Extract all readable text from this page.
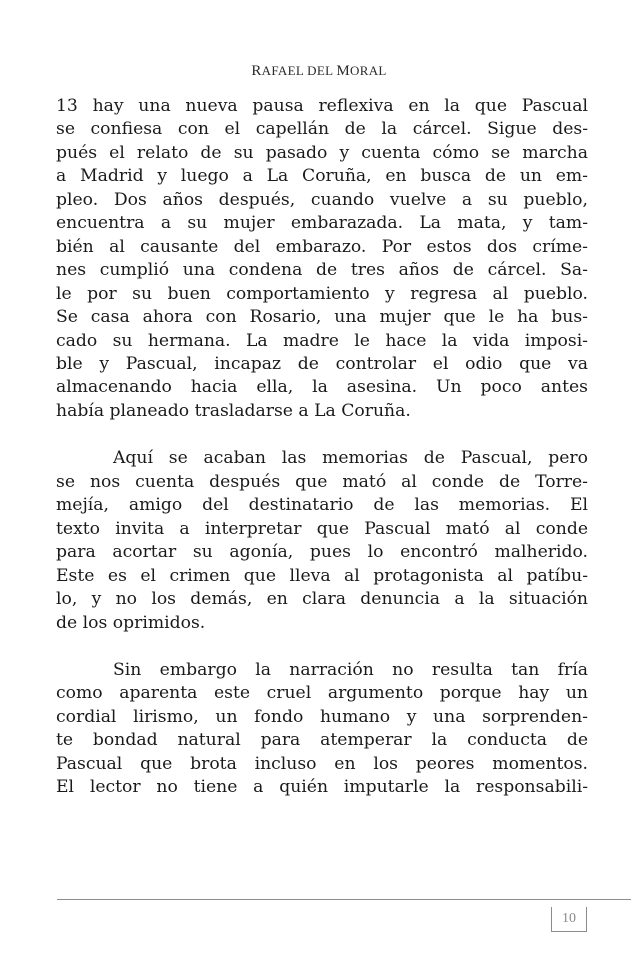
RAFAEL DEL MORAL

13 hay una nueva pausa reflexiva en la que Pascual
se confiesa con el capellán de la cárcel. Sigue des-
pués el relato de su pasado y cuenta cómo se marcha
a Madrid y luego a La Coruña, en busca de un em-
pleo. Dos años después, cuando vuelve a su pueblo,
encuentra a su mujer embarazada. La mata, y tam-
bién al causante del embarazo. Por estos dos críme-
nes cumplió una condena de tres años de cárcel. Sa-
le por su buen comportamiento y regresa al pueblo.
Se casa ahora con Rosario, una mujer que le ha bus-
cado su hermana. La madre le hace la vida imposi-
ble y Pascual, incapaz de controlar el odio que va
almacenando hacia ella, la asesina. Un poco antes
había planeado trasladarse a La Coruña.

Aquí se acaban las memorias de Pascual, pero
se nos cuenta después que mató al conde de Torre-
mejía, amigo del destinatario de las memorias. El
texto invita a interpretar que Pascual mató al conde
para acortar su agonía, pues lo encontró malherido.
Este es el crimen que lleva al protagonista al patíbu-
lo, y no los demás, en clara denuncia a la situación
de los oprimidos.

Sin embargo la narración no resulta tan fría
como aparenta este cruel argumento porque hay un
cordial lirismo, un fondo humano y una sorprenden-
te bondad natural para atemperar la conducta de
Pascual que brota incluso en los peores momentos.
El lector no tiene a quién imputarle la responsabili-

10
